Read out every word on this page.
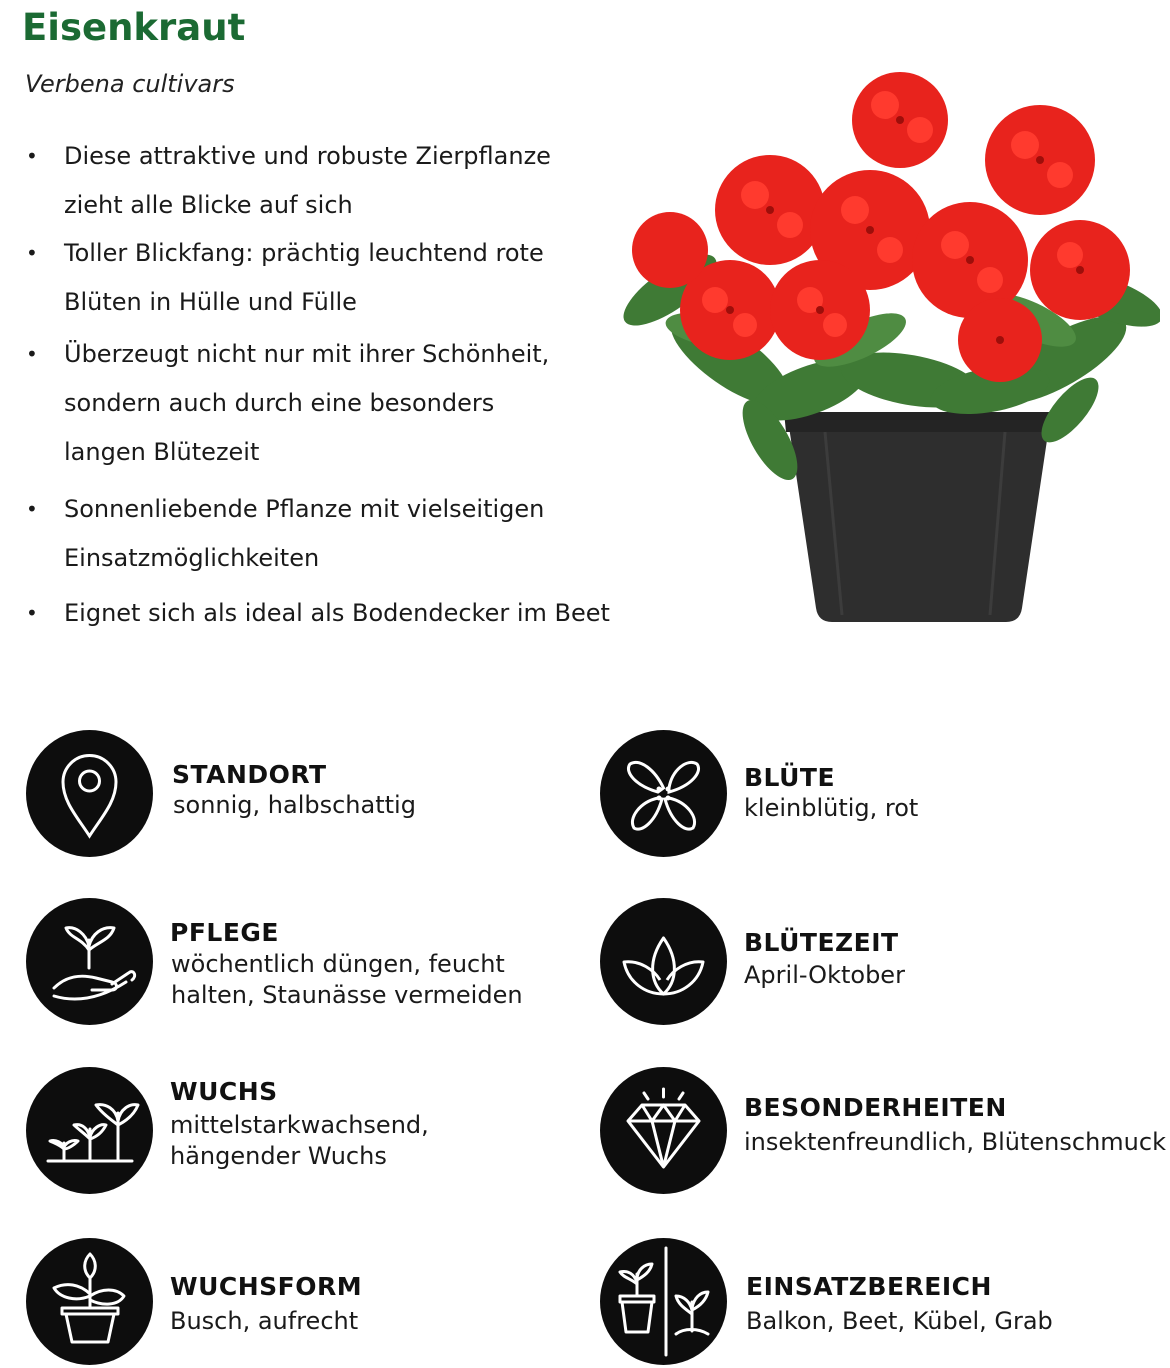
Eisenkraut
Verbena cultivars
• Diese attraktive und robuste Zierpflanze
zieht alle Blicke auf sich
• Toller Blickfang: prächtig leuchtend rote
Blüten in Hülle und Fülle
• Überzeugt nicht nur mit ihrer Schönheit,
sondern auch durch eine besonders
langen Blütezeit
• Sonnenliebende Pflanze mit vielseitigen
Einsatzmöglichkeiten
• Eignet sich als ideal als Bodendecker im Beet
STANDORT
sonnig, halbschattig
BLÜTE
kleinblütig, rot
PFLEGE
wöchentlich düngen, feucht
halten, Staunässe vermeiden
BLÜTEZEIT
April-Oktober
WUCHS
mittelstarkwachsend,
hängender Wuchs
BESONDERHEITEN
insektenfreundlich, Blütenschmuck
WUCHSFORM
Busch, aufrecht
EINSATZBEREICH
Balkon, Beet, Kübel, Grab
